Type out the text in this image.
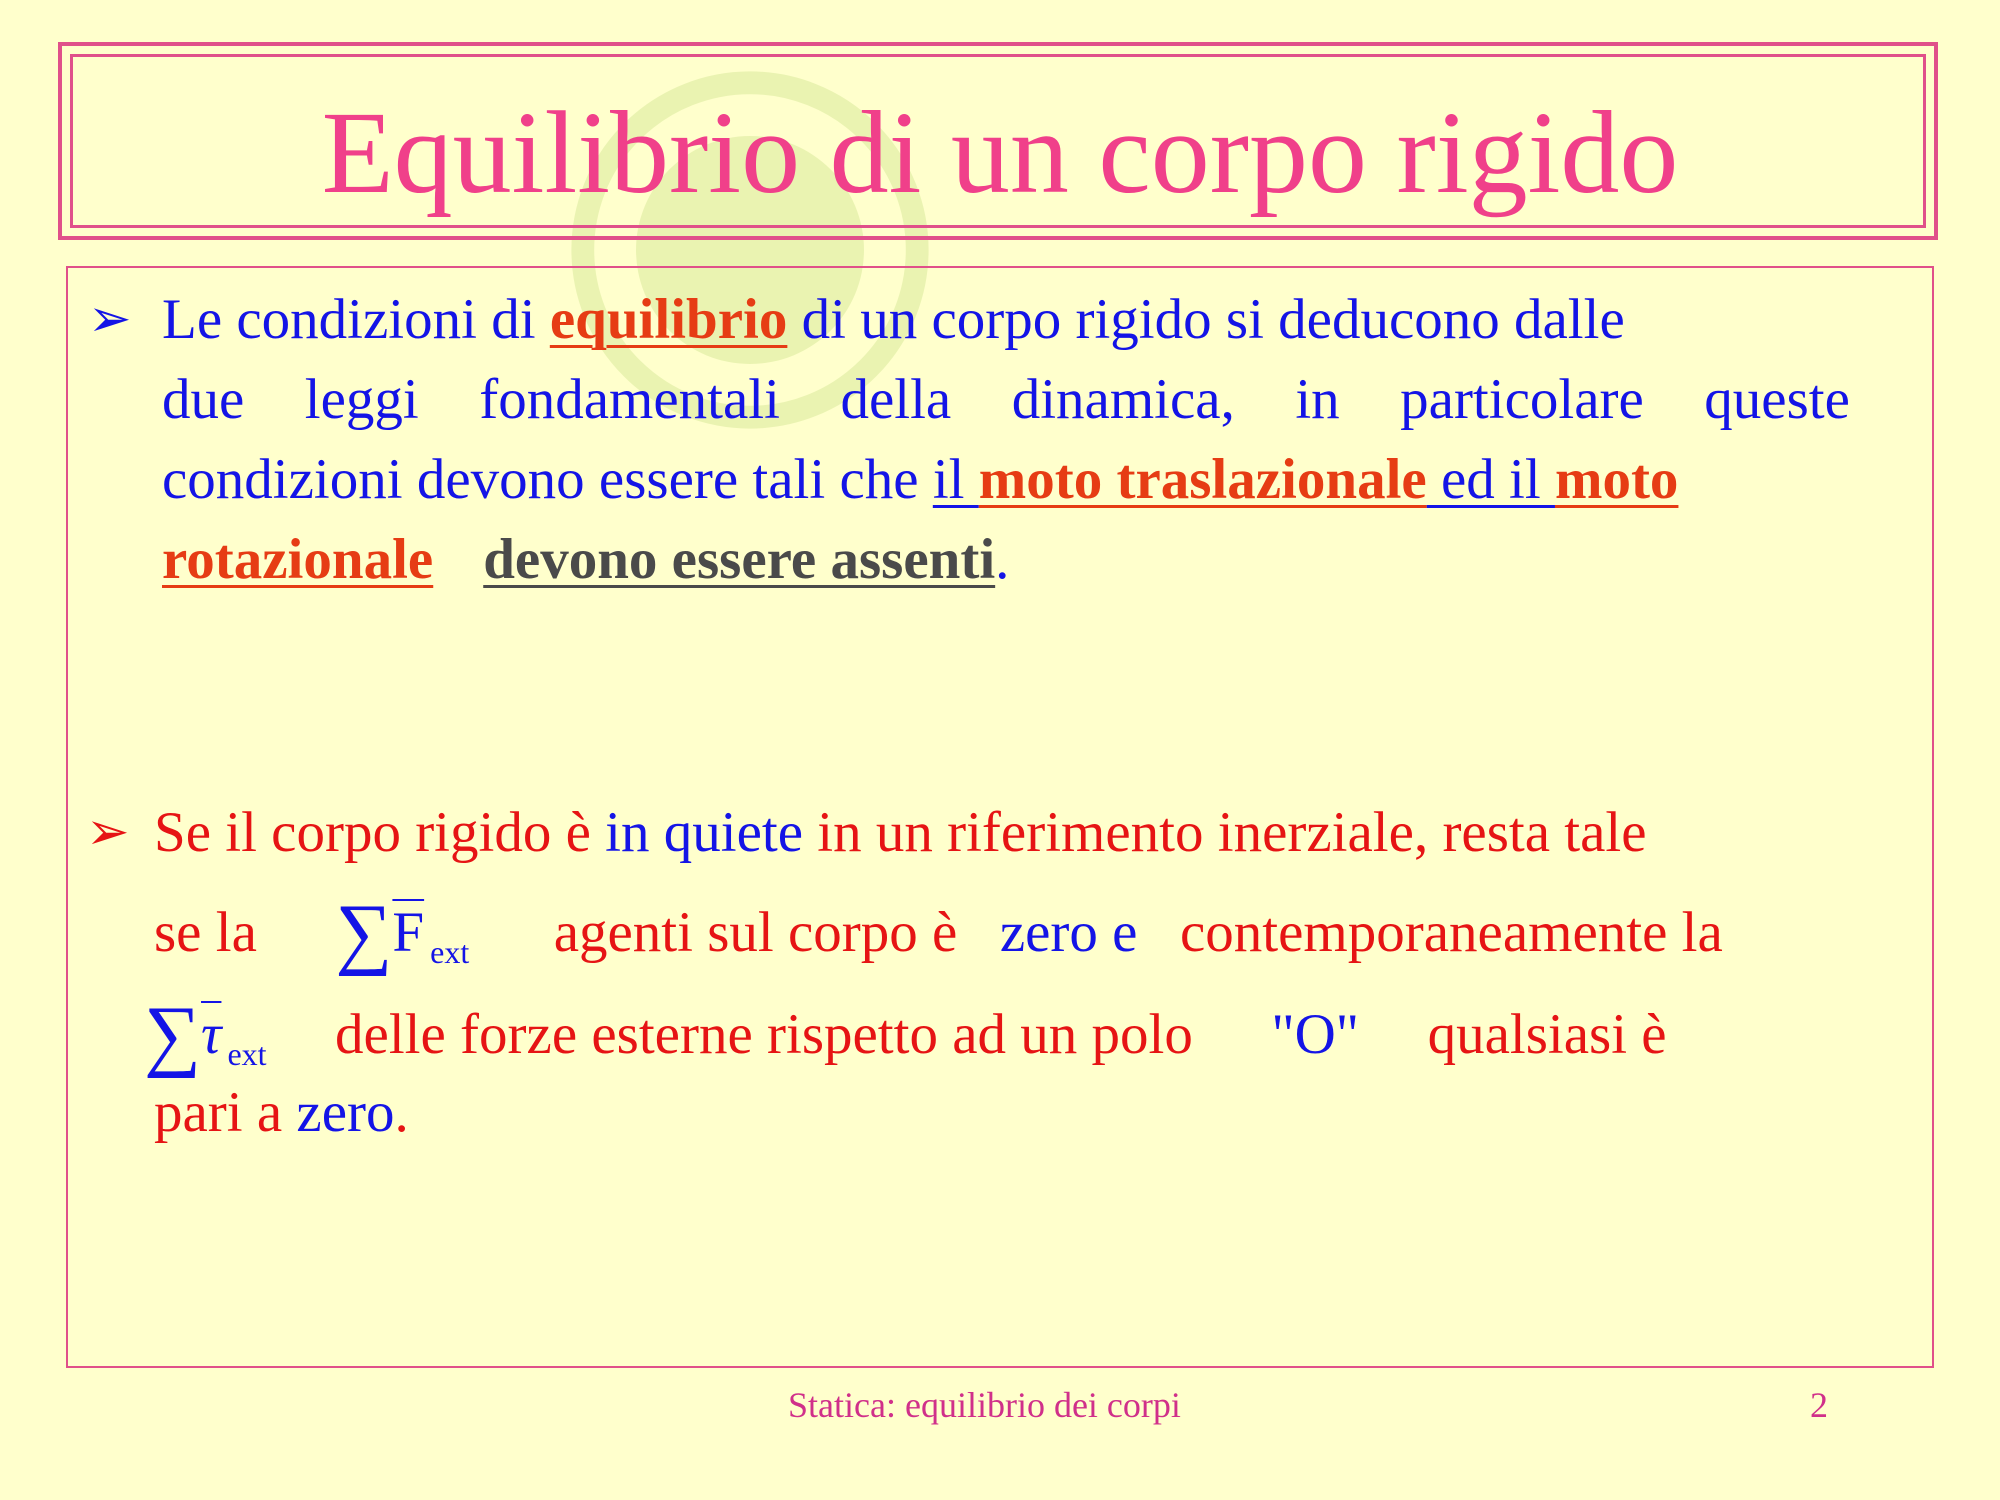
Equilibrio di un corpo rigido
➢ Le condizioni di equilibrio di un corpo rigido si deducono dalle
due leggi fondamentali della dinamica, in particolare queste
condizioni devono essere tali che il moto traslazionale ed il moto
rotazionale devono essere assenti.
➢ Se il corpo rigido è in quiete in un riferimento inerziale, resta tale
se la $\sum\overline{F}$ $_{ext}$ agenti sul corpo è zero e contemporaneamente la
$\sum\overline{\tau}$ $_{ext}$ delle forze esterne rispetto ad un polo "O" qualsiasi è
pari a zero.
Statica: equilibrio dei corpi	2
